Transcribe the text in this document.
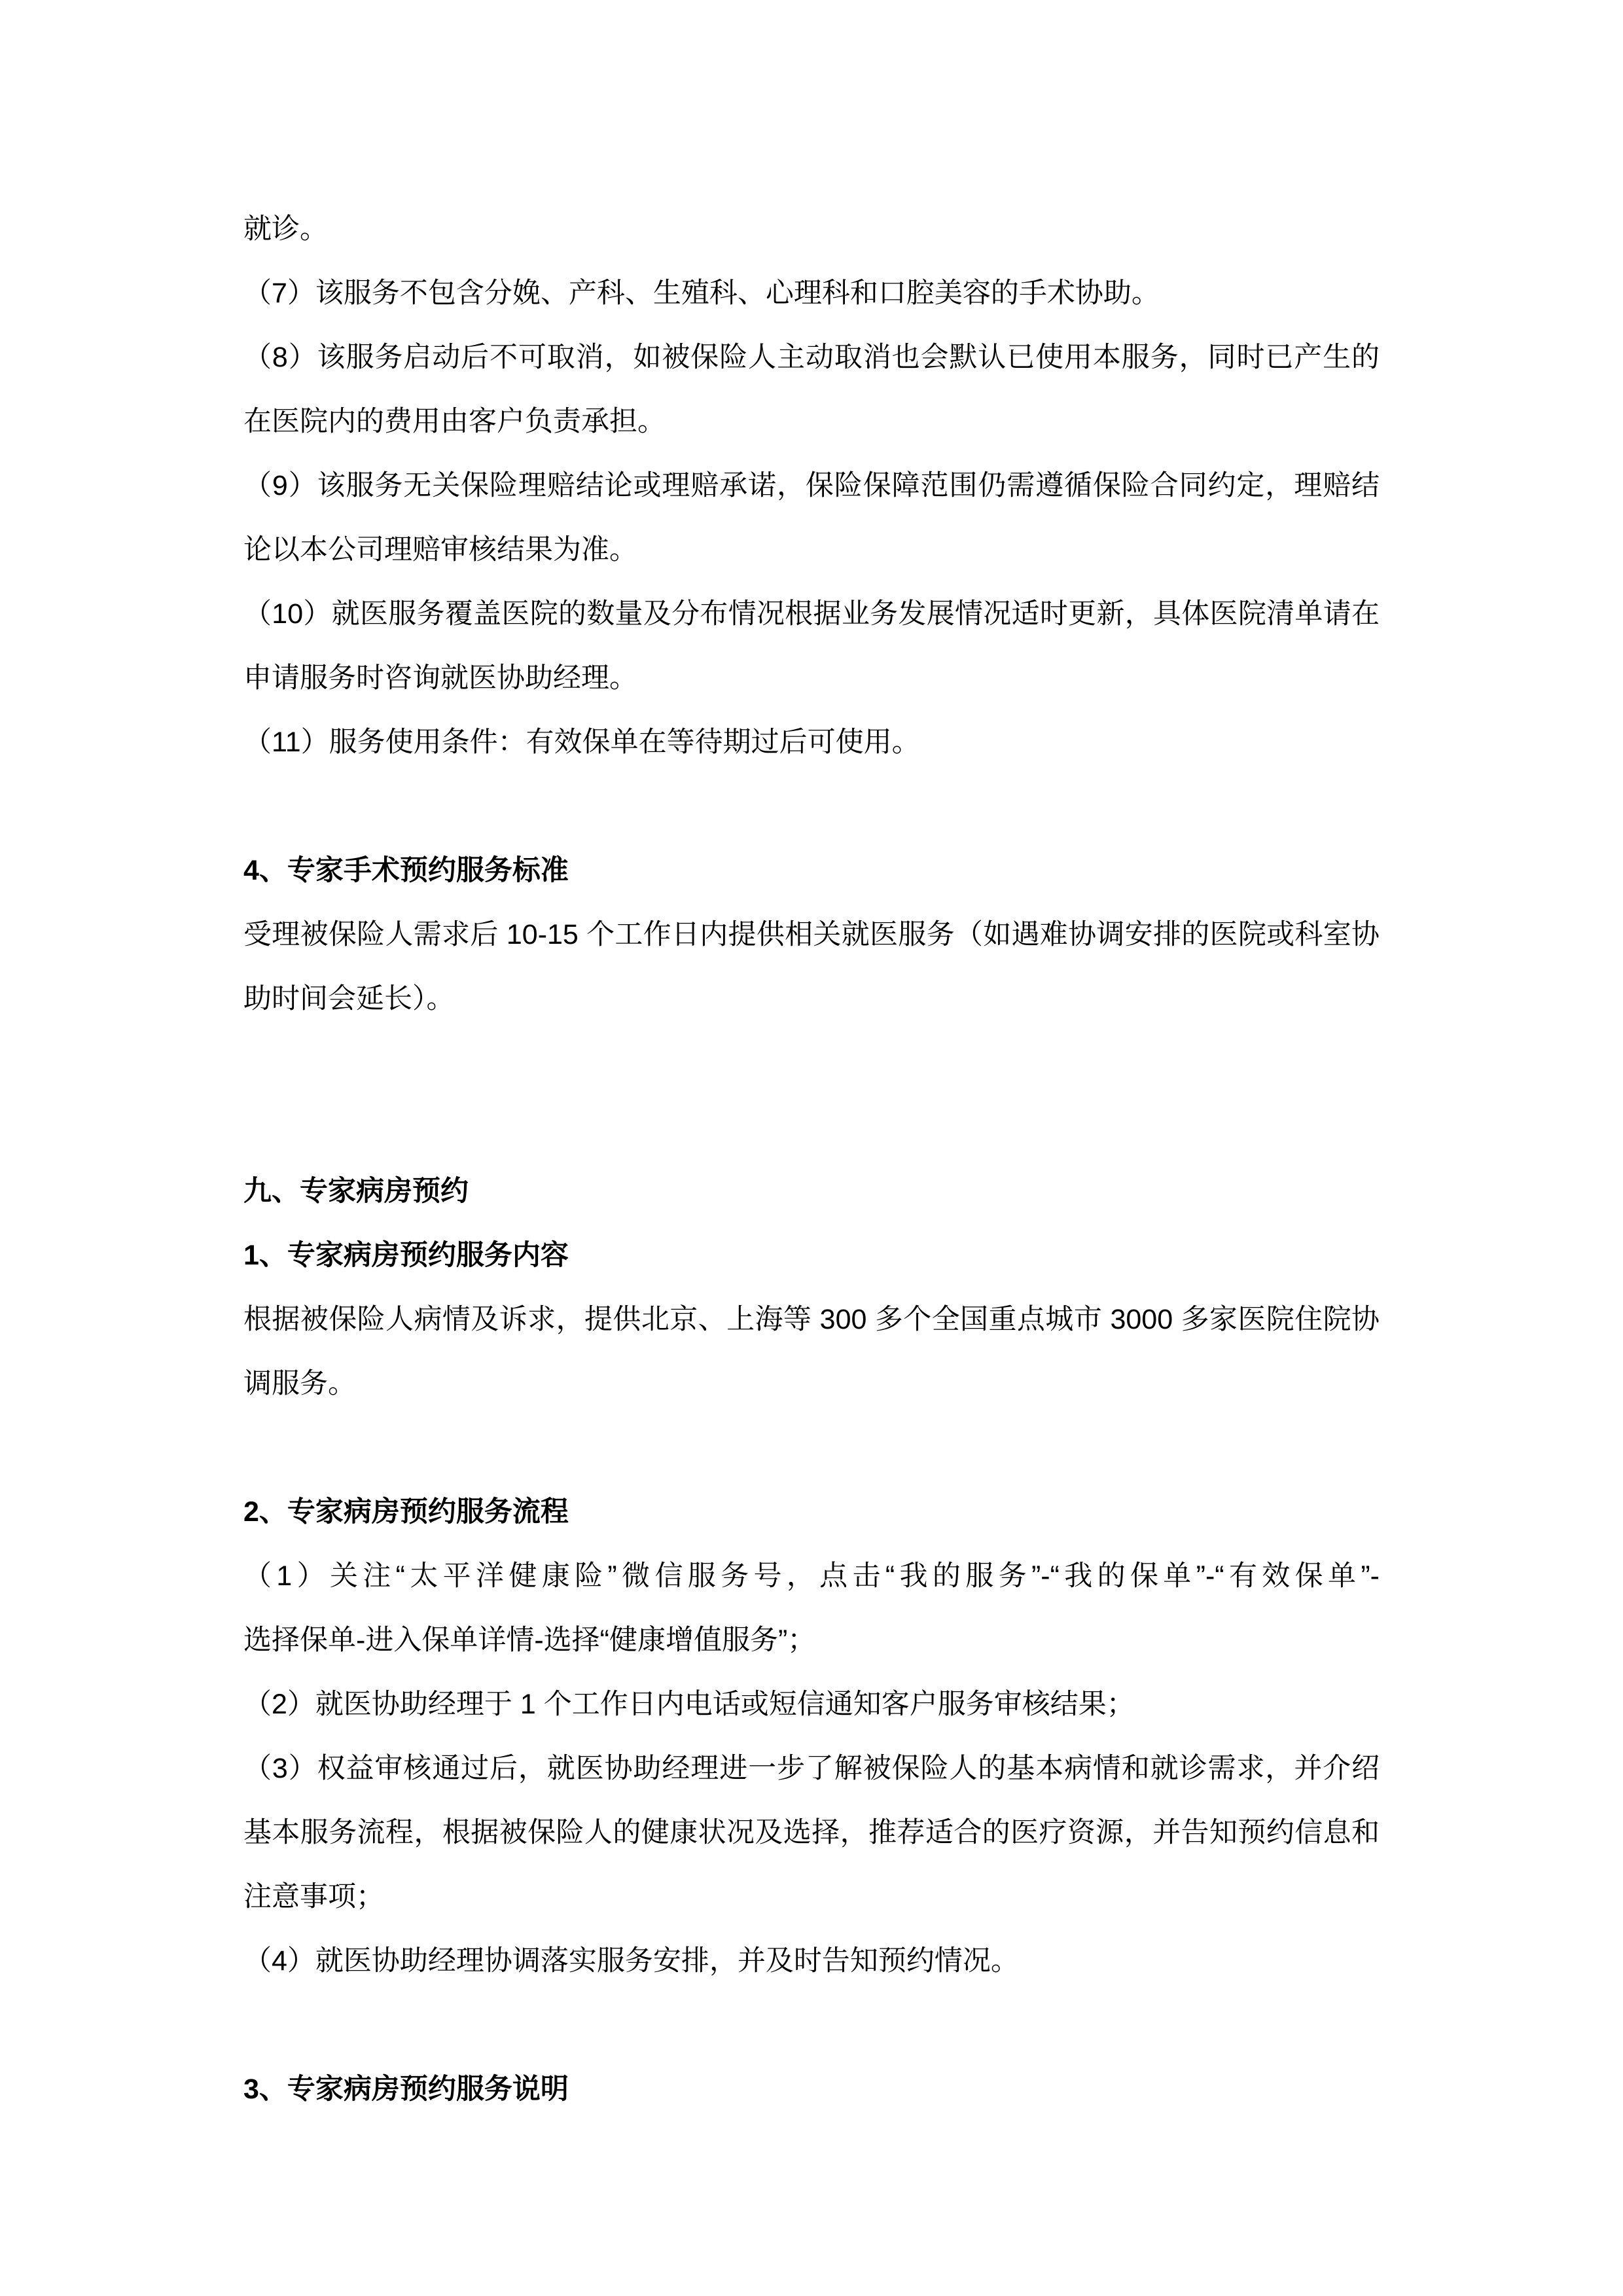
就诊。
（7）该服务不包含分娩、产科、生殖科、心理科和口腔美容的手术协助。
（8）该服务启动后不可取消，如被保险人主动取消也会默认已使用本服务，同时已产生的
在医院内的费用由客户负责承担。
（9）该服务无关保险理赔结论或理赔承诺，保险保障范围仍需遵循保险合同约定，理赔结
论以本公司理赔审核结果为准。
（10）就医服务覆盖医院的数量及分布情况根据业务发展情况适时更新，具体医院清单请在
申请服务时咨询就医协助经理。
（11）服务使用条件：有效保单在等待期过后可使用。
4、专家手术预约服务标准
受理被保险人需求后 10-15 个工作日内提供相关就医服务（如遇难协调安排的医院或科室协
助时间会延长）。
九、专家病房预约
1、专家病房预约服务内容
根据被保险人病情及诉求，提供北京、上海等 300 多个全国重点城市 3000 多家医院住院协
调服务。
2、专家病房预约服务流程
（1）关注“太平洋健康险”微信服务号，点击“我的服务”-“我的保单”-“有效保单”-
选择保单-进入保单详情-选择“健康增值服务”；
（2）就医协助经理于 1 个工作日内电话或短信通知客户服务审核结果；
（3）权益审核通过后，就医协助经理进一步了解被保险人的基本病情和就诊需求，并介绍
基本服务流程，根据被保险人的健康状况及选择，推荐适合的医疗资源，并告知预约信息和
注意事项；
（4）就医协助经理协调落实服务安排，并及时告知预约情况。
3、专家病房预约服务说明
